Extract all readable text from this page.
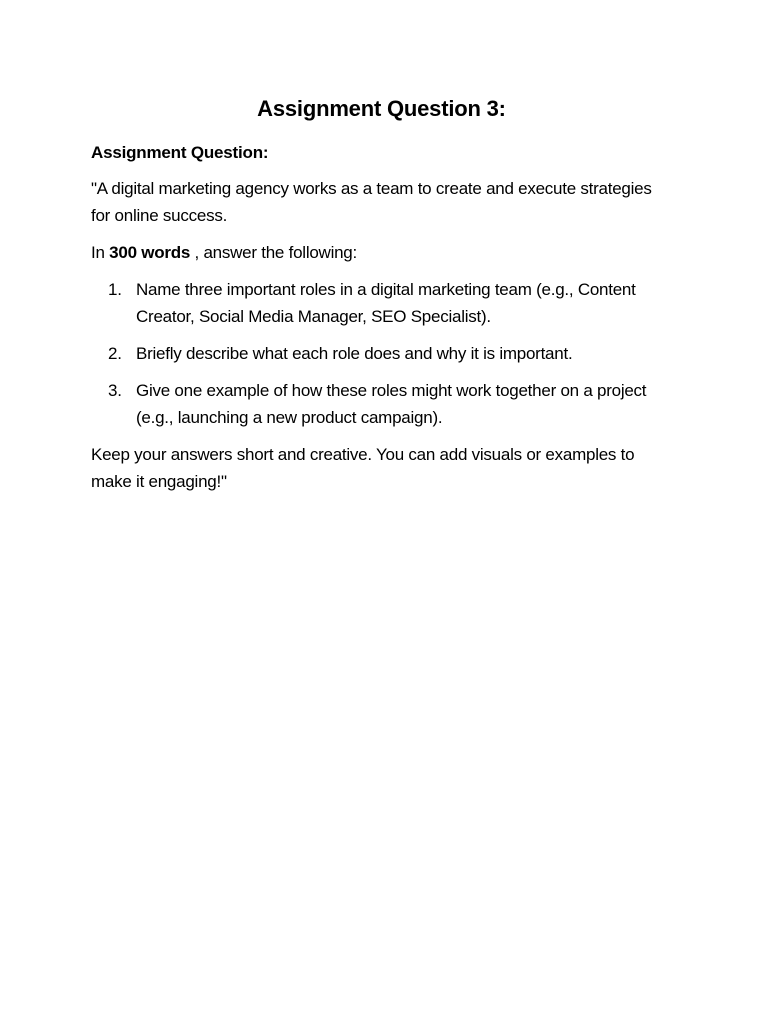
Assignment Question 3:
Assignment Question:

"A digital marketing agency works as a team to create and execute strategies for online success.

In 300 words , answer the following:

1. Name three important roles in a digital marketing team (e.g., Content Creator, Social Media Manager, SEO Specialist).
2. Briefly describe what each role does and why it is important.
3. Give one example of how these roles might work together on a project (e.g., launching a new product campaign).

Keep your answers short and creative. You can add visuals or examples to make it engaging!"
